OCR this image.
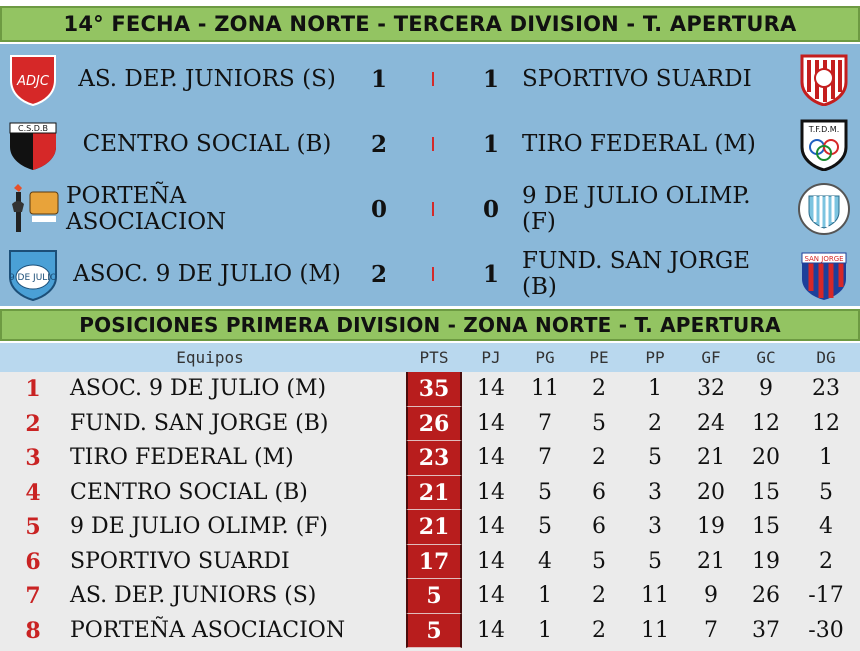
14° FECHA - ZONA NORTE - TERCERA DIVISION - T. APERTURA
ADJC	AS. DEP. JUNIORS (S)	1	1	SPORTIVO SUARDI
C.S.D.B
CENTRO SOCIAL (B)	2	1	TIRO FEDERAL (M)
T.F.D.M.
PORTEÑA ASOCIACION	0	0	9 DE JULIO OLIMP. (F)
9 DE JULIO ASOC. 9 DE JULIO (M)	2	1	FUND. SAN JORGE (B)
SAN JORGE
POSICIONES PRIMERA DIVISION - ZONA NORTE - T. APERTURA
Equipos	PTS	PJ	PG	PE	PP	GF	GC	DG
1	ASOC. 9 DE JULIO (M)	35	14	11	2	1	32	9	23
2	FUND. SAN JORGE (B)	26	14	7	5	2	24	12	12
3	TIRO FEDERAL (M)	23	14	7	2	5	21	20	1
4	CENTRO SOCIAL (B)	21	14	5	6	3	20	15	5
5	9 DE JULIO OLIMP. (F)	21	14	5	6	3	19	15	4
6	SPORTIVO SUARDI	17	14	4	5	5	21	19	2
7	AS. DEP. JUNIORS (S)	5	14	1	2	11	9	26	-17
8	PORTEÑA ASOCIACION	5	14	1	2	11	7	37	-30
